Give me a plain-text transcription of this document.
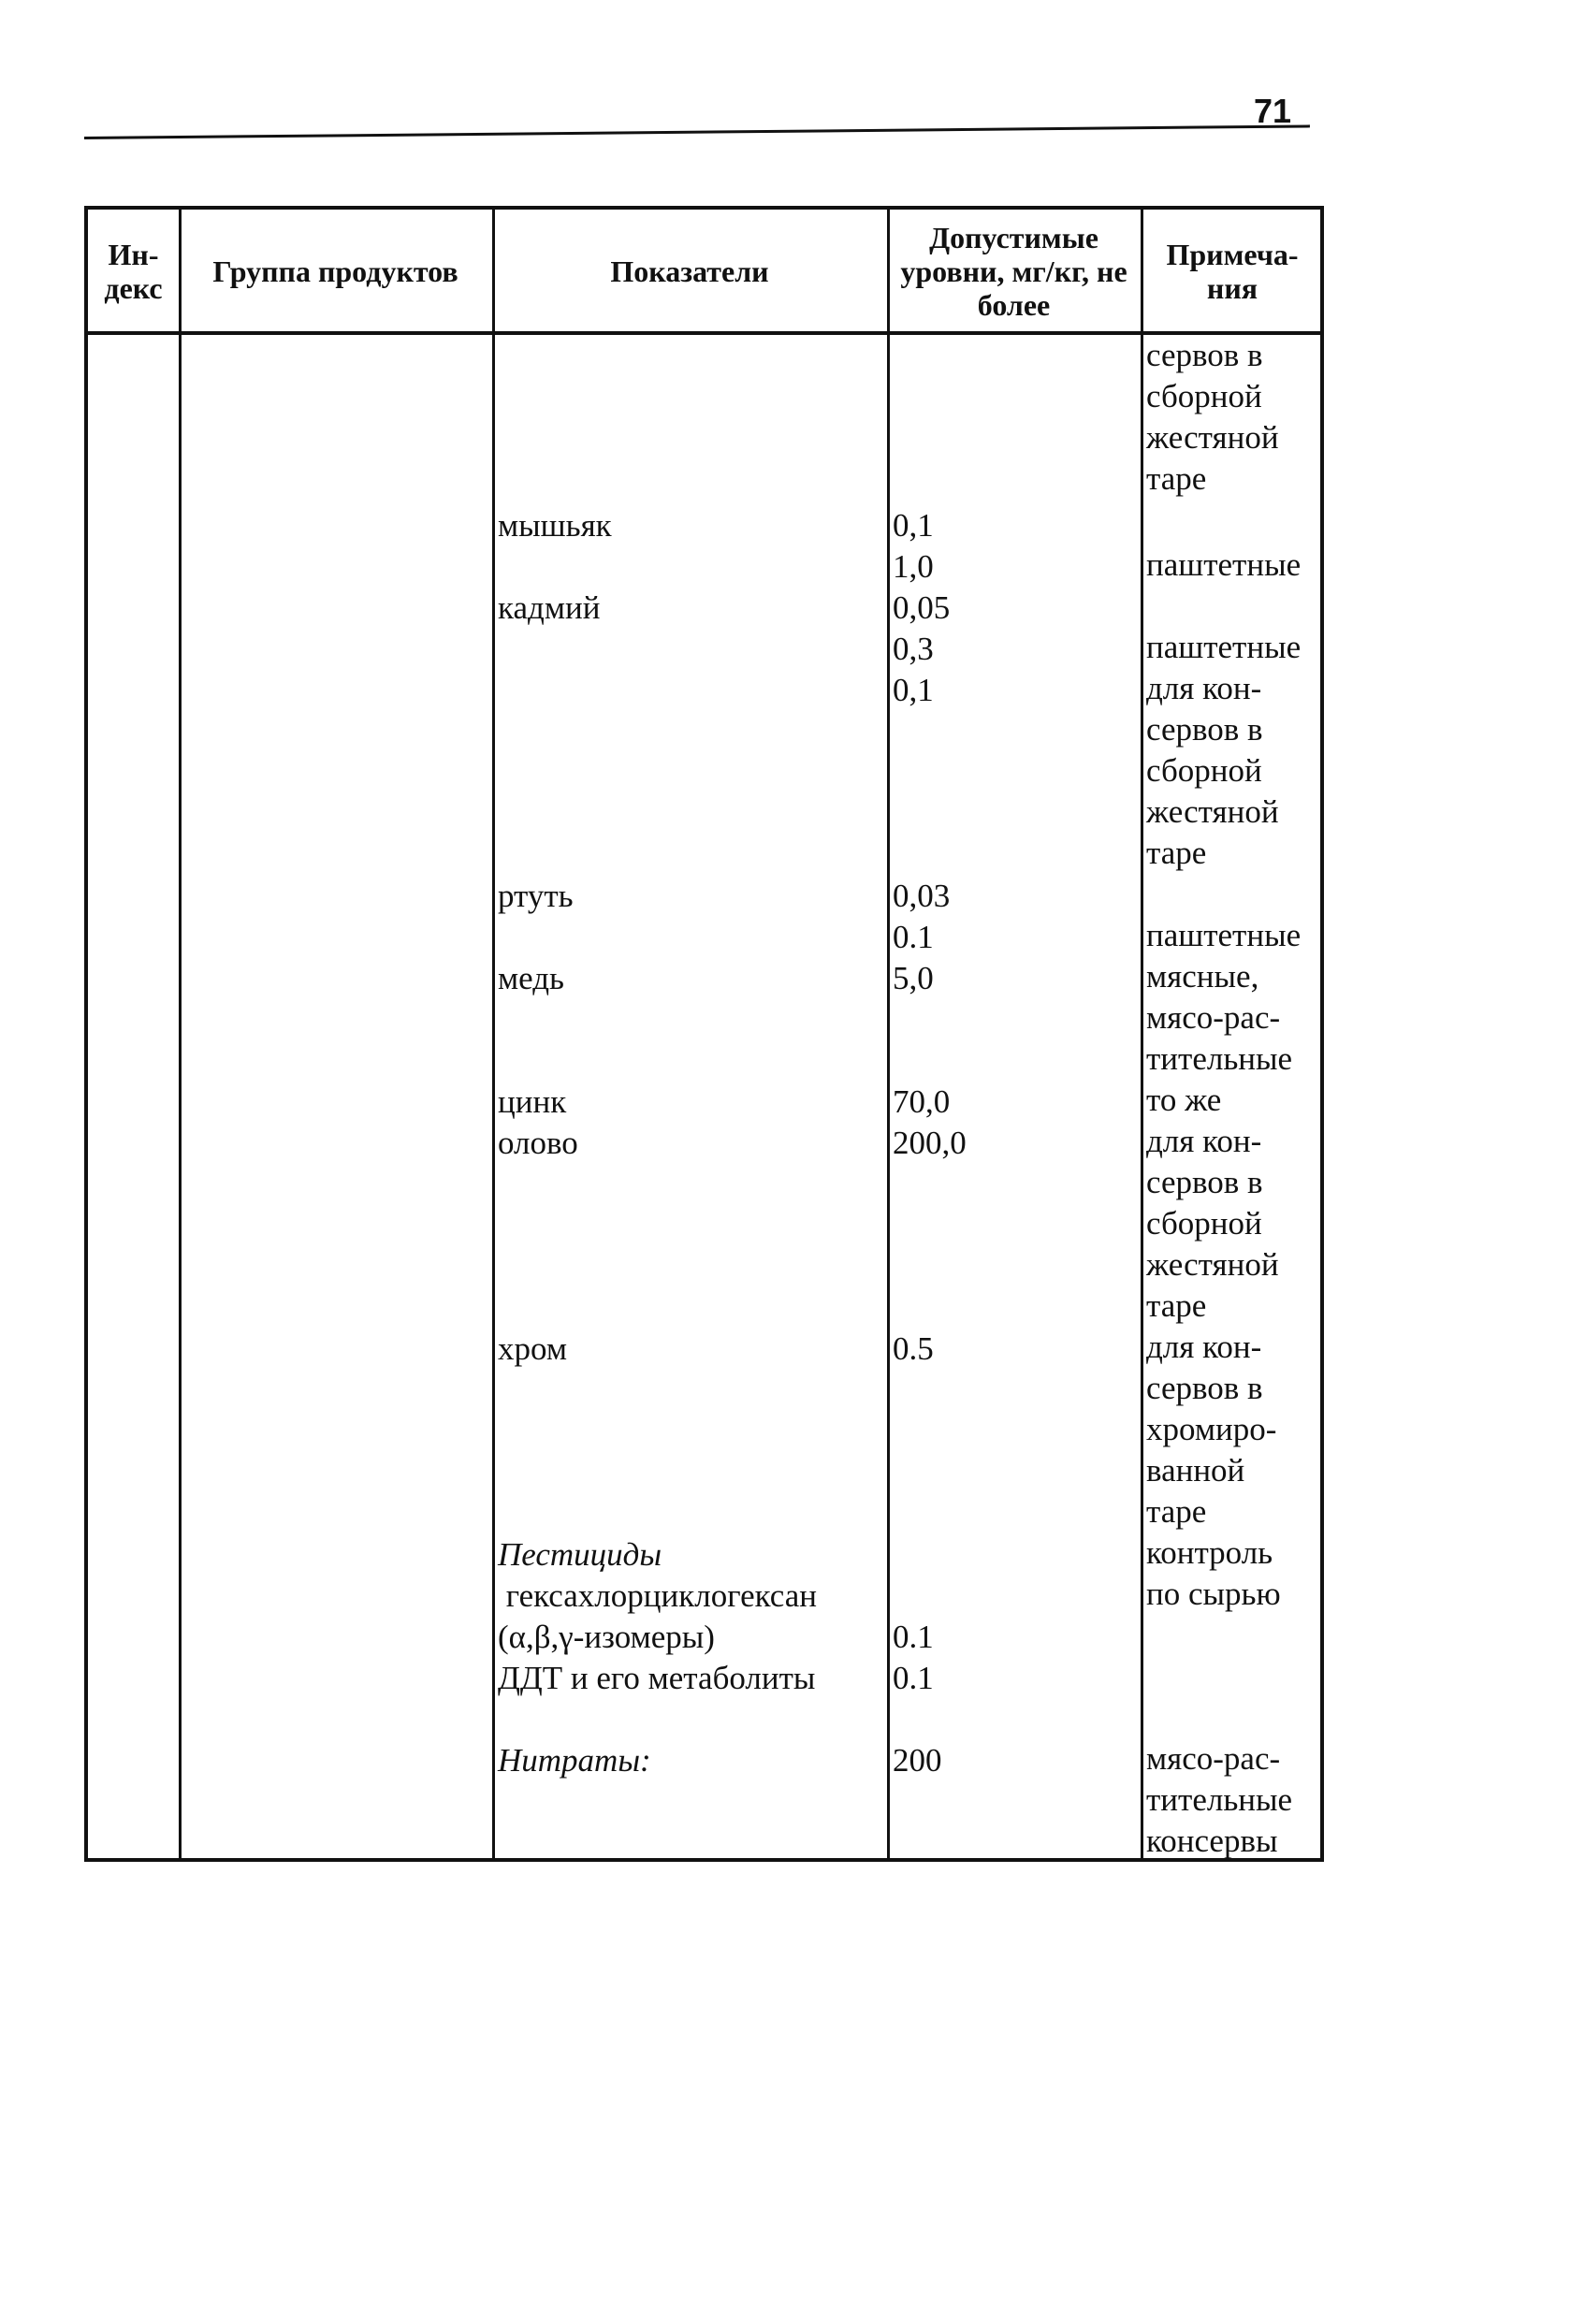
71
Ин-
декс	Группа продуктов	Показатели
Допустимые уровни, мг/кг, не более
Примеча-
ния
мышьяк
кадмий
ртуть
медь
цинк
олово
хром
Пестициды
гексахлорциклогексан
(α,β,γ-изомеры)
ДДТ и его метаболиты
Нитраты:
0,1
1,0
0,05
0,3
0,1
0,03
0.1
5,0
70,0
200,0
0.5
0.1
0.1
200
сервов в
сборной
жестяной
таре
паштетные
паштетные
для кон-
сервов в
сборной
жестяной
таре
паштетные
мясные,
мясо-рас-
тительные
то же
для кон-
сервов в
сборной
жестяной
таре
для кон-
сервов в
хромиро-
ванной
таре
контроль
по сырью
мясо-рас-
тительные
консервы
